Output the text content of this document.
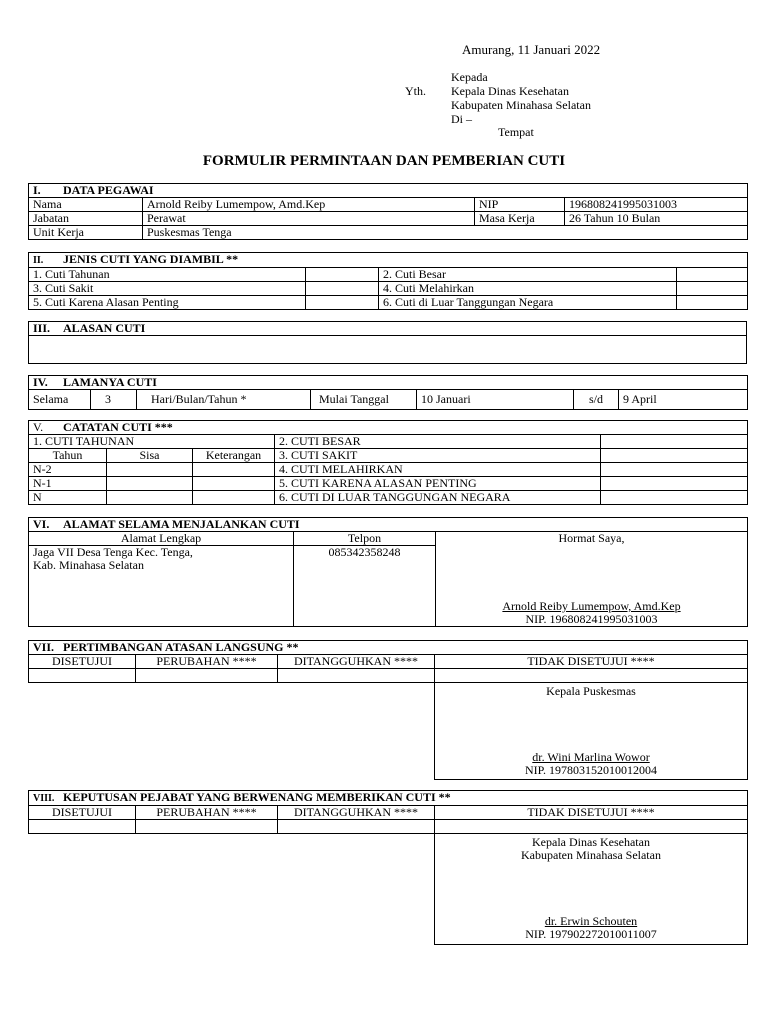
Amurang, 11 Januari 2022
Kepada
Yth. Kepala Dinas Kesehatan
Kabupaten Minahasa Selatan
Di –
Tempat
FORMULIR PERMINTAAN DAN PEMBERIAN CUTI
I. DATA PEGAWAI			
Nama	Arnold Reiby Lumempow, Amd.Kep	NIP	196808241995031003
Jabatan	Perawat	Masa Kerja	26 Tahun 10 Bulan
Unit Kerja	Puskesmas Tenga		
II. JENIS CUTI YANG DIAMBIL **			
1. Cuti Tahunan		2. Cuti Besar	
3. Cuti Sakit		4. Cuti Melahirkan	
5. Cuti Karena Alasan Penting		6. Cuti di Luar Tanggungan Negara	
III. ALASAN CUTI

IV. LAMANYA CUTI
Selama	3	Hari/Bulan/Tahun *	Mulai Tanggal	10 Januari	s/d	9 April
V. CATATAN CUTI ***				
1. CUTI TAHUNAN			2. CUTI BESAR	
Tahun	Sisa	Keterangan	3. CUTI SAKIT	
N-2			4. CUTI MELAHIRKAN	
N-1			5. CUTI KARENA ALASAN PENTING	
N			6. CUTI DI LUAR TANGGUNGAN NEGARA	
VI. ALAMAT SELAMA MENJALANKAN CUTI		
Alamat Lengkap	Telpon	Hormat Saya,
Arnold Reiby Lumempow, Amd.Kep
NIP. 196808241995031003

Jaga VII Desa Tenga Kec. Tenga,
Kab. Minahasa Selatan	085342358248	
VII. PERTIMBANGAN ATASAN LANGSUNG **			
DISETUJUI	PERUBAHAN ****	DITANGGUHKAN ****	TIDAK DISETUJUI ****

			Kepala Puskesmas
dr. Wini Marlina Wowor
NIP. 197803152010012004
VIII. KEPUTUSAN PEJABAT YANG BERWENANG MEMBERIKAN CUTI **			
DISETUJUI	PERUBAHAN ****	DITANGGUHKAN ****	TIDAK DISETUJUI ****

			Kepala Dinas Kesehatan
Kabupaten Minahasa Selatan
dr. Erwin Schouten
NIP. 197902272010011007
